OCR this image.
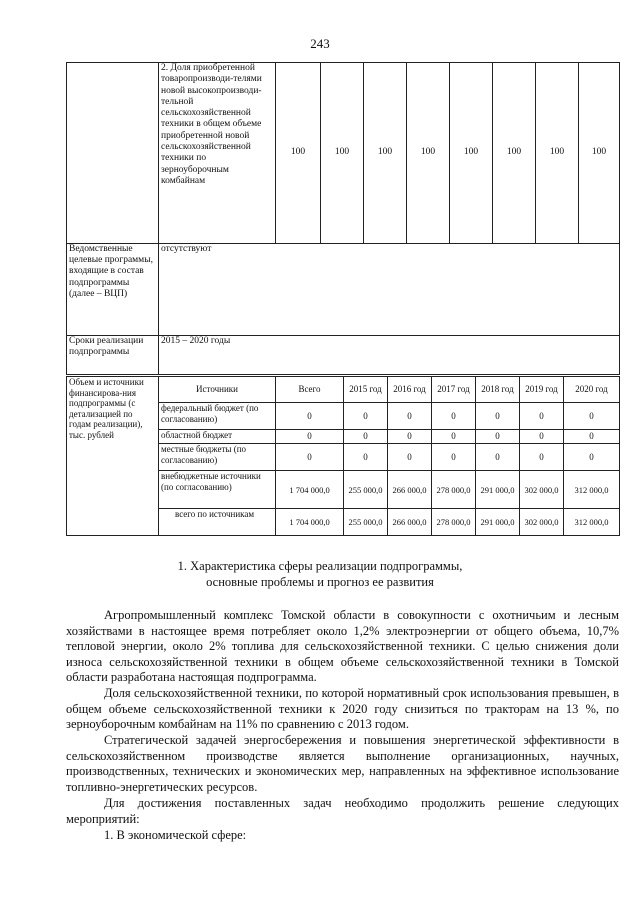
243
	2. Доля приобретенной товаропроизводи-телями новой высокопроизводи-тельной сельскохозяйственной техники в общем объеме приобретенной новой сельскохозяйственной техники по зерноуборочным комбайнам	100	100	100	100	100	100	100	100
Ведомственные целевые программы, входящие в состав подпрограммы (далее – ВЦП)	отсутствуют								
Сроки реализации подпрограммы	2015 – 2020 годы								
Объем и источники финансирова-ния подпрограммы (с детализацией по годам реализации), тыс. рублей	Источники	Всего	2015 год	2016 год	2017 год	2018 год	2019 год	2020 год
	федеральный бюджет (по согласованию)	0	0	0	0	0	0	0
	областной бюджет	0	0	0	0	0	0	0
	местные бюджеты (по согласованию)	0	0	0	0	0	0	0
	внебюджетные источники (по согласованию)	1 704 000,0	255 000,0	266 000,0	278 000,0	291 000,0	302 000,0	312 000,0
	всего по источникам	1 704 000,0	255 000,0	266 000,0	278 000,0	291 000,0	302 000,0	312 000,0
1. Характеристика сферы реализации подпрограммы,
основные проблемы и прогноз ее развития
Агропромышленный комплекс Томской области в совокупности с охотничьим и лесным хозяйствами в настоящее время потребляет около 1,2% электроэнергии от общего объема, 10,7% тепловой энергии, около 2% топлива для сельскохозяйственной техники. С целью снижения доли износа сельскохозяйственной техники в общем объеме сельскохозяйственной техники в Томской области разработана настоящая подпрограмма.
Доля сельскохозяйственной техники, по которой нормативный срок использования превышен, в общем объеме сельскохозяйственной техники к 2020 году снизиться по тракторам на 13 %, по зерноуборочным комбайнам на 11% по сравнению с 2013 годом.
Стратегической задачей энергосбережения и повышения энергетической эффективности в сельскохозяйственном производстве является выполнение организационных, научных, производственных, технических и экономических мер, направленных на эффективное использование топливно-энергетических ресурсов.
Для достижения поставленных задач необходимо продолжить решение следующих мероприятий:
1. В экономической сфере:
